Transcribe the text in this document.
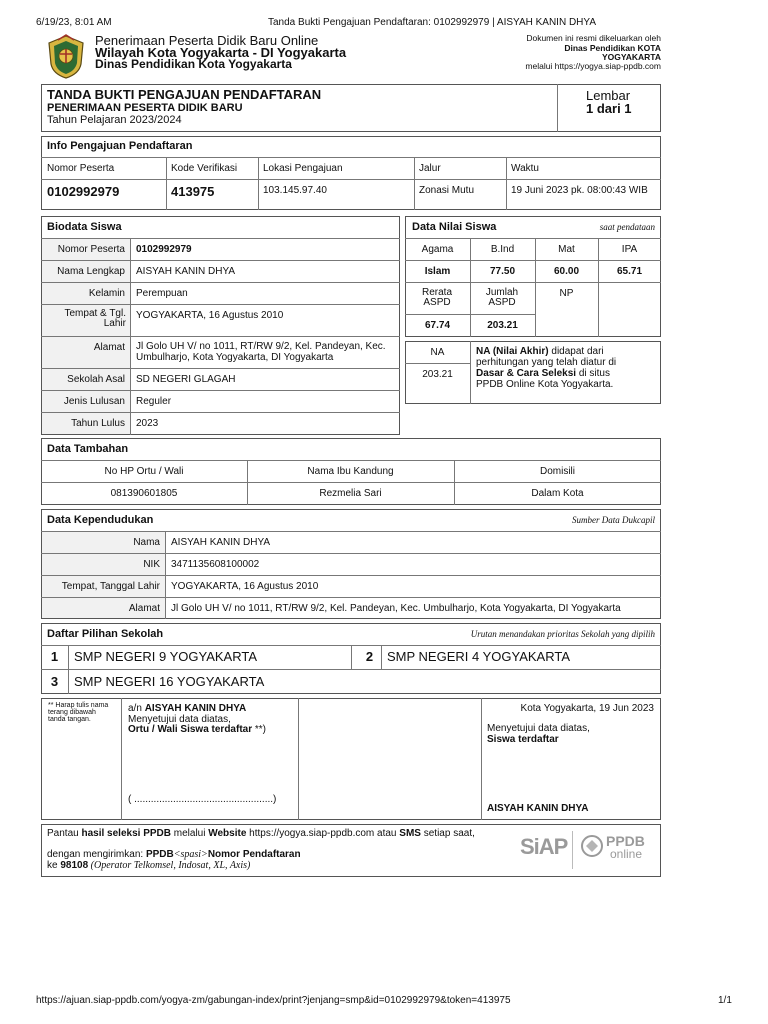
6/19/23, 8:01 AM	Tanda Bukti Pengajuan Pendaftaran: 0102992979 | AISYAH KANIN DHYA
Penerimaan Peserta Didik Baru Online
Wilayah Kota Yogyakarta - DI Yogyakarta
Dinas Pendidikan Kota Yogyakarta
Dokumen ini resmi dikeluarkan oleh
Dinas Pendidikan KOTA
YOGYAKARTA
melalui https://yogya.siap-ppdb.com
TANDA BUKTI PENGAJUAN PENDAFTARAN
PENERIMAAN PESERTA DIDIK BARU
Tahun Pelajaran 2023/2024
Lembar
1 dari 1
Info Pengajuan Pendaftaran
Nomor Peserta	Kode Verifikasi	Lokasi Pengajuan	Jalur	Waktu
0102992979	413975	103.145.97.40	Zonasi Mutu	19 Juni 2023 pk. 08:00:43 WIB
Biodata Siswa
Nomor Peserta 0102992979
Nama Lengkap AISYAH KANIN DHYA
Kelamin Perempuan
Tempat & Tgl. Lahir
YOGYAKARTA, 16 Agustus 2010
Alamat Jl Golo UH V/ no 1011, RT/RW 9/2, Kel. Pandeyan, Kec. Umbulharjo, Kota Yogyakarta, DI Yogyakarta
Sekolah Asal SD NEGERI GLAGAH
Jenis Lulusan Reguler
Tahun Lulus 2023
Data Nilai Siswa	saat pendataan
Agama	B.Ind	Mat	IPA
Islam	77.50	60.00	65.71
Rerata ASPD
Jumlah ASPD
NP
67.74	203.21
NA
203.21
NA (Nilai Akhir) didapat dari perhitungan yang telah diatur di Dasar & Cara Seleksi di situs PPDB Online Kota Yogyakarta.
Data Tambahan
No HP Ortu / Wali	Nama Ibu Kandung	Domisili
081390601805	Rezmelia Sari	Dalam Kota
Data Kependudukan	Sumber Data Dukcapil
Nama AISYAH KANIN DHYA
NIK 3471135608100002
Tempat, Tanggal Lahir YOGYAKARTA, 16 Agustus 2010
Alamat Jl Golo UH V/ no 1011, RT/RW 9/2, Kel. Pandeyan, Kec. Umbulharjo, Kota Yogyakarta, DI Yogyakarta
Daftar Pilihan Sekolah	Urutan menandakan prioritas Sekolah yang dipilih
1	SMP NEGERI 9 YOGYAKARTA	2	SMP NEGERI 4 YOGYAKARTA
3	SMP NEGERI 16 YOGYAKARTA
** Harap tulis nama terang dibawah tanda tangan.
a/n AISYAH KANIN DHYA
Menyetujui data diatas,
Ortu / Wali Siswa terdaftar **)
( ..................................................)
Kota Yogyakarta, 19 Jun 2023
Menyetujui data diatas,
Siswa terdaftar
AISYAH KANIN DHYA
Pantau hasil seleksi PPDB melalui Website https://yogya.siap-ppdb.com atau SMS setiap saat,
dengan mengirimkan: PPDB<spasi>Nomor Pendaftaran
ke 98108 (Operator Telkomsel, Indosat, XL, Axis)
SiAP	PPDB
online
https://ajuan.siap-ppdb.com/yogya-zm/gabungan-index/print?jenjang=smp&id=0102992979&token=413975	1/1
